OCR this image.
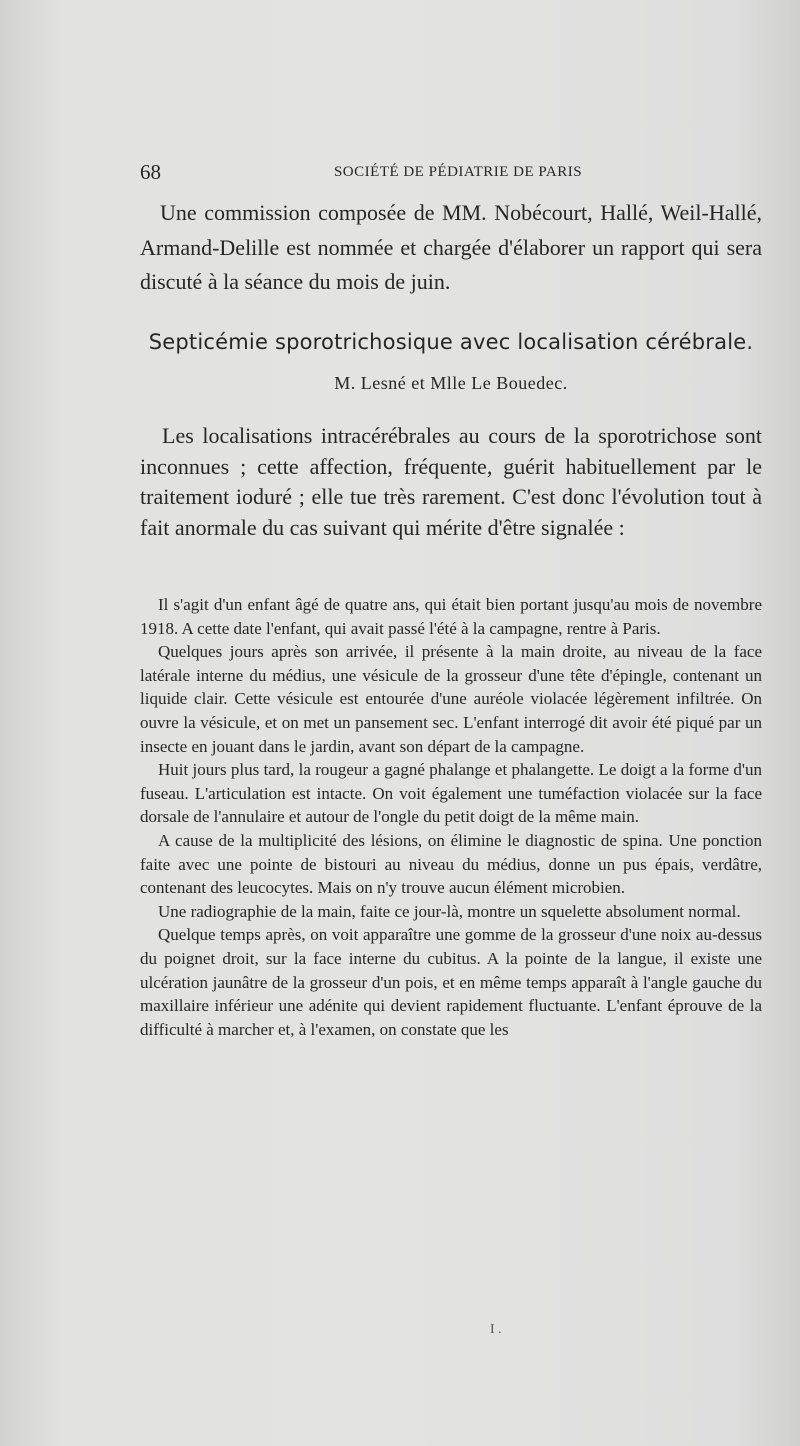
68	SOCIÉTÉ DE PÉDIATRIE DE PARIS

Une commission composée de MM. Nobécourt, Hallé, Weil-Hallé, Armand-Delille est nommée et chargée d'élaborer un rapport qui sera discuté à la séance du mois de juin.

Septicémie sporotrichosique avec localisation cérébrale.
M. Lesné et Mlle Le Bouedec.

Les localisations intracérébrales au cours de la sporotrichose sont inconnues ; cette affection, fréquente, guérit habituellement par le traitement ioduré ; elle tue très rarement. C'est donc l'évolution tout à fait anormale du cas suivant qui mérite d'être signalée :

Il s'agit d'un enfant âgé de quatre ans, qui était bien portant jusqu'au mois de novembre 1918. A cette date l'enfant, qui avait passé l'été à la campagne, rentre à Paris.

Quelques jours après son arrivée, il présente à la main droite, au niveau de la face latérale interne du médius, une vésicule de la grosseur d'une tête d'épingle, contenant un liquide clair. Cette vésicule est entourée d'une auréole violacée légèrement infiltrée. On ouvre la vésicule, et on met un pansement sec. L'enfant interrogé dit avoir été piqué par un insecte en jouant dans le jardin, avant son départ de la campagne.

Huit jours plus tard, la rougeur a gagné phalange et phalangette. Le doigt a la forme d'un fuseau. L'articulation est intacte. On voit également une tuméfaction violacée sur la face dorsale de l'annulaire et autour de l'ongle du petit doigt de la même main.

A cause de la multiplicité des lésions, on élimine le diagnostic de spina. Une ponction faite avec une pointe de bistouri au niveau du médius, donne un pus épais, verdâtre, contenant des leucocytes. Mais on n'y trouve aucun élément microbien.

Une radiographie de la main, faite ce jour-là, montre un squelette absolument normal.

Quelque temps après, on voit apparaître une gomme de la grosseur d'une noix au-dessus du poignet droit, sur la face interne du cubitus. A la pointe de la langue, il existe une ulcération jaunâtre de la grosseur d'un pois, et en même temps apparaît à l'angle gauche du maxillaire inférieur une adénite qui devient rapidement fluctuante. L'enfant éprouve de la difficulté à marcher et, à l'examen, on constate que les

I .
